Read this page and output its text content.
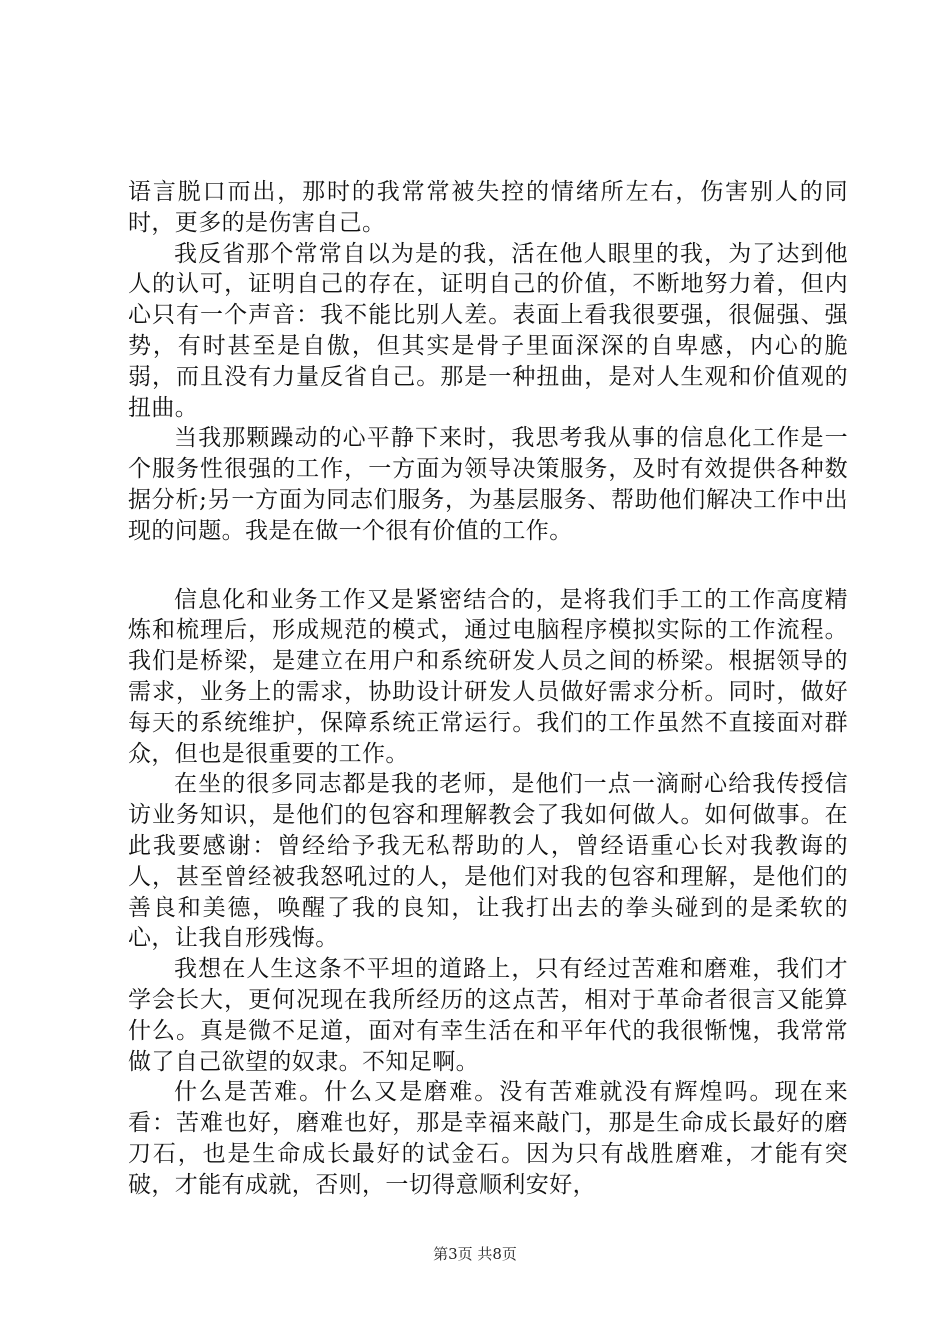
语言脱口而出，那时的我常常被失控的情绪所左右，伤害别人的同时，更多的是伤害自己。

我反省那个常常自以为是的我，活在他人眼里的我，为了达到他人的认可，证明自己的存在，证明自己的价值，不断地努力着，但内心只有一个声音：我不能比别人差。表面上看我很要强，很倔强、强势，有时甚至是自傲，但其实是骨子里面深深的自卑感，内心的脆弱，而且没有力量反省自己。那是一种扭曲，是对人生观和价值观的扭曲。

当我那颗躁动的心平静下来时，我思考我从事的信息化工作是一个服务性很强的工作，一方面为领导决策服务，及时有效提供各种数据分析;另一方面为同志们服务，为基层服务、帮助他们解决工作中出现的问题。我是在做一个很有价值的工作。

信息化和业务工作又是紧密结合的，是将我们手工的工作高度精炼和梳理后，形成规范的模式，通过电脑程序模拟实际的工作流程。我们是桥梁，是建立在用户和系统研发人员之间的桥梁。根据领导的需求，业务上的需求，协助设计研发人员做好需求分析。同时，做好每天的系统维护，保障系统正常运行。我们的工作虽然不直接面对群众，但也是很重要的工作。

在坐的很多同志都是我的老师，是他们一点一滴耐心给我传授信访业务知识，是他们的包容和理解教会了我如何做人。如何做事。在此我要感谢：曾经给予我无私帮助的人，曾经语重心长对我教诲的人，甚至曾经被我怒吼过的人，是他们对我的包容和理解，是他们的善良和美德，唤醒了我的良知，让我打出去的拳头碰到的是柔软的心，让我自形残悔。

我想在人生这条不平坦的道路上，只有经过苦难和磨难，我们才学会长大，更何况现在我所经历的这点苦，相对于革命者很言又能算什么。真是微不足道，面对有幸生活在和平年代的我很惭愧，我常常做了自己欲望的奴隶。不知足啊。

什么是苦难。什么又是磨难。没有苦难就没有辉煌吗。现在来看：苦难也好，磨难也好，那是幸福来敲门，那是生命成长最好的磨刀石，也是生命成长最好的试金石。因为只有战胜磨难，才能有突破，才能有成就，否则，一切得意顺利安好，

第3页 共8页
